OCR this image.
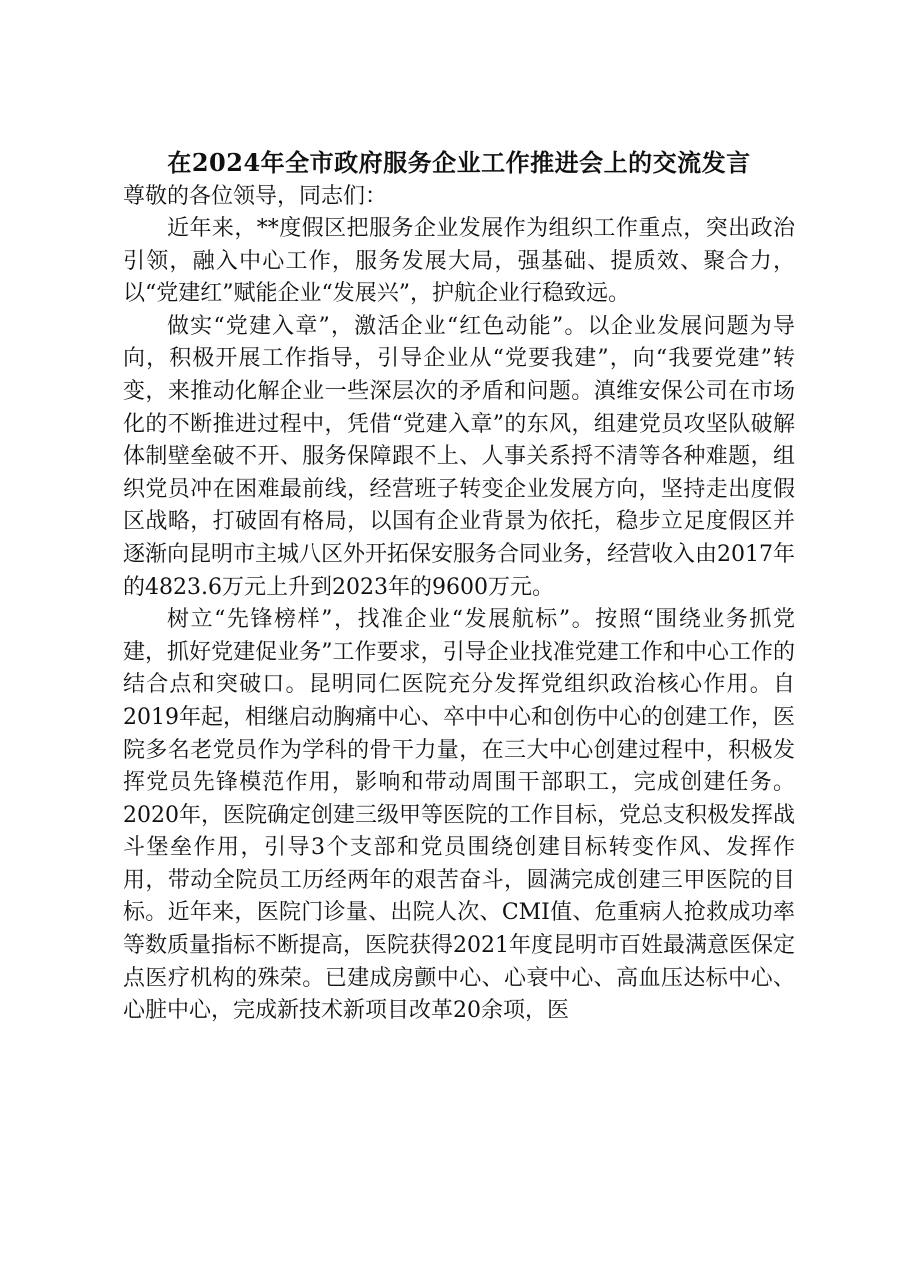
在2024年全市政府服务企业工作推进会上的交流发言

尊敬的各位领导，同志们：

近年来，**度假区把服务企业发展作为组织工作重点，突出政治引领，融入中心工作，服务发展大局，强基础、提质效、聚合力，以“党建红”赋能企业“发展兴”，护航企业行稳致远。

做实“党建入章”，激活企业“红色动能”。以企业发展问题为导向，积极开展工作指导，引导企业从“党要我建”，向“我要党建”转变，来推动化解企业一些深层次的矛盾和问题。滇维安保公司在市场化的不断推进过程中，凭借“党建入章”的东风，组建党员攻坚队破解体制壁垒破不开、服务保障跟不上、人事关系捋不清等各种难题，组织党员冲在困难最前线，经营班子转变企业发展方向，坚持走出度假区战略，打破固有格局，以国有企业背景为依托，稳步立足度假区并逐渐向昆明市主城八区外开拓保安服务合同业务，经营收入由2017年的4823.6万元上升到2023年的9600万元。

树立“先锋榜样”，找准企业“发展航标”。按照“围绕业务抓党建，抓好党建促业务”工作要求，引导企业找准党建工作和中心工作的结合点和突破口。昆明同仁医院充分发挥党组织政治核心作用。自2019年起，相继启动胸痛中心、卒中中心和创伤中心的创建工作，医院多名老党员作为学科的骨干力量，在三大中心创建过程中，积极发挥党员先锋模范作用，影响和带动周围干部职工，完成创建任务。2020年，医院确定创建三级甲等医院的工作目标，党总支积极发挥战斗堡垒作用，引导3个支部和党员围绕创建目标转变作风、发挥作用，带动全院员工历经两年的艰苦奋斗，圆满完成创建三甲医院的目标。近年来，医院门诊量、出院人次、CMI值、危重病人抢救成功率等数质量指标不断提高，医院获得2021年度昆明市百姓最满意医保定点医疗机构的殊荣。已建成房颤中心、心衰中心、高血压达标中心、心脏中心，完成新技术新项目改革20余项，医
